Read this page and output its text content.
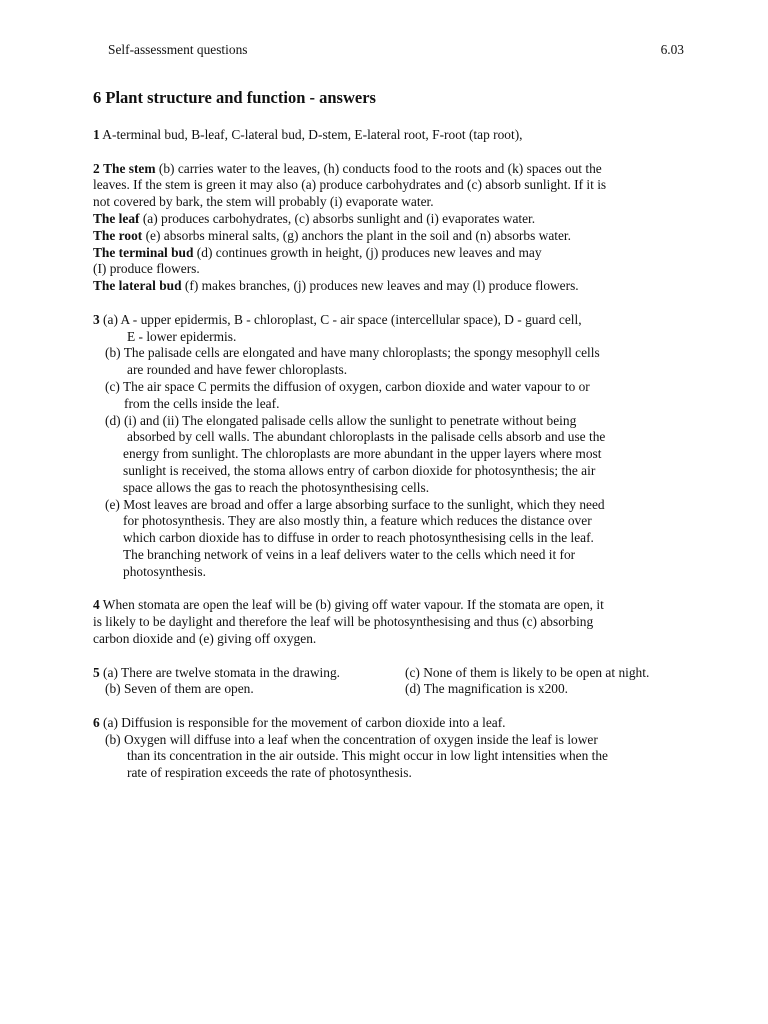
Self-assessment questions	6.03
6 Plant structure and function - answers
1 A-terminal bud, B-leaf, C-lateral bud, D-stem, E-lateral root, F-root (tap root),
2 The stem (b) carries water to the leaves, (h) conducts food to the roots and (k) spaces out the
leaves. If the stem is green it may also (a) produce carbohydrates and (c) absorb sunlight. If it is
not covered by bark, the stem will probably (i) evaporate water.
The leaf (a) produces carbohydrates, (c) absorbs sunlight and (i) evaporates water.
The root (e) absorbs mineral salts, (g) anchors the plant in the soil and (n) absorbs water.
The terminal bud (d) continues growth in height, (j) produces new leaves and may
(I) produce flowers.
The lateral bud (f) makes branches, (j) produces new leaves and may (l) produce flowers.
3 (a) A - upper epidermis, B - chloroplast, C - air space (intercellular space), D - guard cell,
E - lower epidermis.
(b) The palisade cells are elongated and have many chloroplasts; the spongy mesophyll cells
are rounded and have fewer chloroplasts.
(c) The air space C permits the diffusion of oxygen, carbon dioxide and water vapour to or
from the cells inside the leaf.
(d) (i) and (ii) The elongated palisade cells allow the sunlight to penetrate without being
absorbed by cell walls. The abundant chloroplasts in the palisade cells absorb and use the
energy from sunlight. The chloroplasts are more abundant in the upper layers where most
sunlight is received, the stoma allows entry of carbon dioxide for photosynthesis; the air
space allows the gas to reach the photosynthesising cells.
(e) Most leaves are broad and offer a large absorbing surface to the sunlight, which they need
for photosynthesis. They are also mostly thin, a feature which reduces the distance over
which carbon dioxide has to diffuse in order to reach photosynthesising cells in the leaf.
The branching network of veins in a leaf delivers water to the cells which need it for
photosynthesis.
4 When stomata are open the leaf will be (b) giving off water vapour. If the stomata are open, it
is likely to be daylight and therefore the leaf will be photosynthesising and thus (c) absorbing
carbon dioxide and (e) giving off oxygen.
5 (a) There are twelve stomata in the drawing.	(c) None of them is likely to be open at night.
(b) Seven of them are open.	(d) The magnification is x200.
6 (a) Diffusion is responsible for the movement of carbon dioxide into a leaf.
(b) Oxygen will diffuse into a leaf when the concentration of oxygen inside the leaf is lower
than its concentration in the air outside. This might occur in low light intensities when the
rate of respiration exceeds the rate of photosynthesis.
